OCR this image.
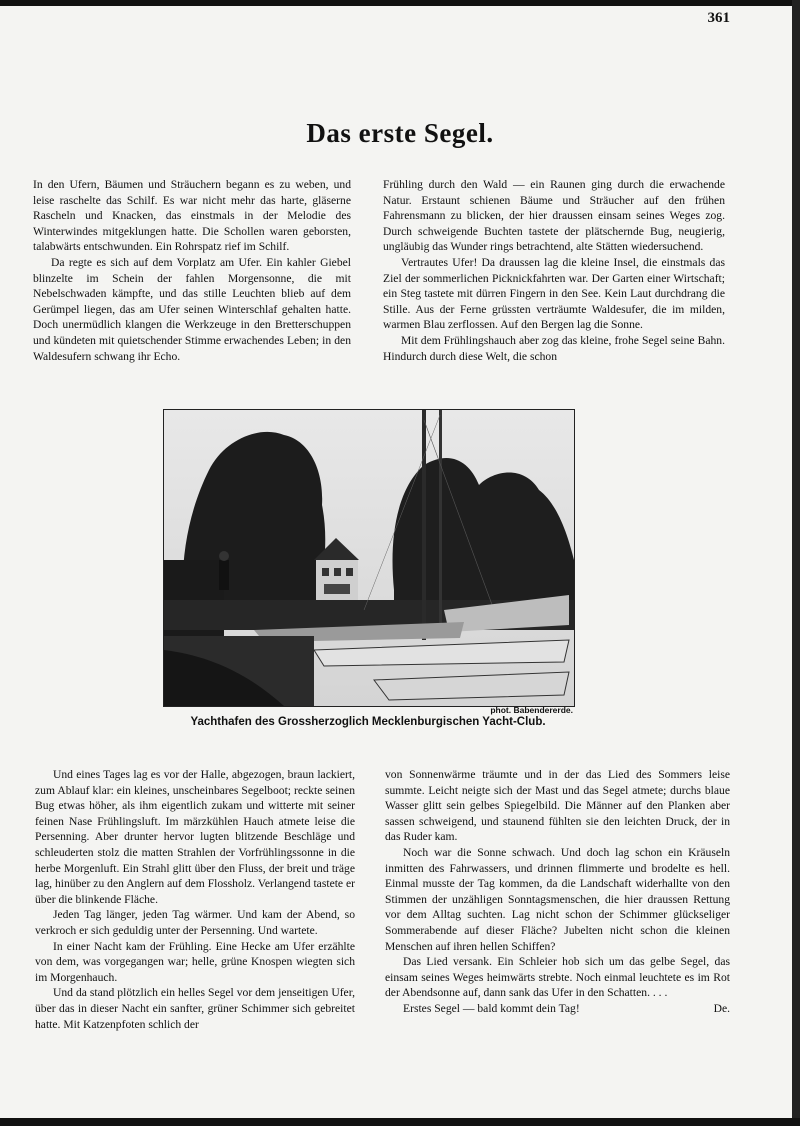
361
Das erste Segel.

In den Ufern, Bäumen und Sträuchern begann es zu weben, und leise raschelte das Schilf. Es war nicht mehr das harte, gläserne Rascheln und Knacken, das einstmals in der Melodie des Winterwindes mitgeklungen hatte. Die Schollen waren geborsten, talabwärts entschwunden. Ein Rohrspatz rief im Schilf.

Da regte es sich auf dem Vorplatz am Ufer. Ein kahler Giebel blinzelte im Schein der fahlen Morgensonne, die mit Nebelschwaden kämpfte, und das stille Leuchten blieb auf dem Gerümpel liegen, das am Ufer seinen Winterschlaf gehalten hatte. Doch unermüdlich klangen die Werkzeuge in den Bretterschuppen und kündeten mit quietschender Stimme erwachendes Leben; in den Waldesufern schwang ihr Echo.

Frühling durch den Wald — ein Raunen ging durch die erwachende Natur. Erstaunt schienen Bäume und Sträucher auf den frühen Fahrensmann zu blicken, der hier draussen einsam seines Weges zog. Durch schweigende Buchten tastete der plätschernde Bug, neugierig, ungläubig das Wunder rings betrachtend, alte Stätten wiedersuchend.

Vertrautes Ufer! Da draussen lag die kleine Insel, die einstmals das Ziel der sommerlichen Picknickfahrten war. Der Garten einer Wirtschaft; ein Steg tastete mit dürren Fingern in den See. Kein Laut durchdrang die Stille. Aus der Ferne grüssten verträumte Waldesufer, die im milden, warmen Blau zerflossen. Auf den Bergen lag die Sonne.

Mit dem Frühlingshauch aber zog das kleine, frohe Segel seine Bahn. Hindurch durch diese Welt, die schon

phot. Babendererde.
Yachthafen des Grossherzoglich Mecklenburgischen Yacht-Club.

Und eines Tages lag es vor der Halle, abgezogen, braun lackiert, zum Ablauf klar: ein kleines, unscheinbares Segelboot; reckte seinen Bug etwas höher, als ihm eigentlich zukam und witterte mit seiner feinen Nase Frühlingsluft. Im märzkühlen Hauch atmete leise die Persenning. Aber drunter hervor lugten blitzende Beschläge und schleuderten stolz die matten Strahlen der Vorfrühlingssonne in die herbe Morgenluft. Ein Strahl glitt über den Fluss, der breit und träge lag, hinüber zu den Anglern auf dem Flossholz. Verlangend tastete er über die blinkende Fläche.

Jeden Tag länger, jeden Tag wärmer. Und kam der Abend, so verkroch er sich geduldig unter der Persenning. Und wartete.

In einer Nacht kam der Frühling. Eine Hecke am Ufer erzählte von dem, was vorgegangen war; helle, grüne Knospen wiegten sich im Morgenhauch.

Und da stand plötzlich ein helles Segel vor dem jenseitigen Ufer, über das in dieser Nacht ein sanfter, grüner Schimmer sich gebreitet hatte. Mit Katzenpfoten schlich der

von Sonnenwärme träumte und in der das Lied des Sommers leise summte. Leicht neigte sich der Mast und das Segel atmete; durchs blaue Wasser glitt sein gelbes Spiegelbild. Die Männer auf den Planken aber sassen schweigend, und staunend fühlten sie den leichten Druck, der in das Ruder kam.

Noch war die Sonne schwach. Und doch lag schon ein Kräuseln inmitten des Fahrwassers, und drinnen flimmerte und brodelte es hell. Einmal musste der Tag kommen, da die Landschaft widerhallte von den Stimmen der unzähligen Sonntagsmenschen, die hier draussen Rettung vor dem Alltag suchten. Lag nicht schon der Schimmer glückseliger Sommerabende auf dieser Fläche? Jubelten nicht schon die kleinen Menschen auf ihren hellen Schiffen?

Das Lied versank. Ein Schleier hob sich um das gelbe Segel, das einsam seines Weges heimwärts strebte. Noch einmal leuchtete es im Rot der Abendsonne auf, dann sank das Ufer in den Schatten. . . .

Erstes Segel — bald kommt dein Tag!	De.
